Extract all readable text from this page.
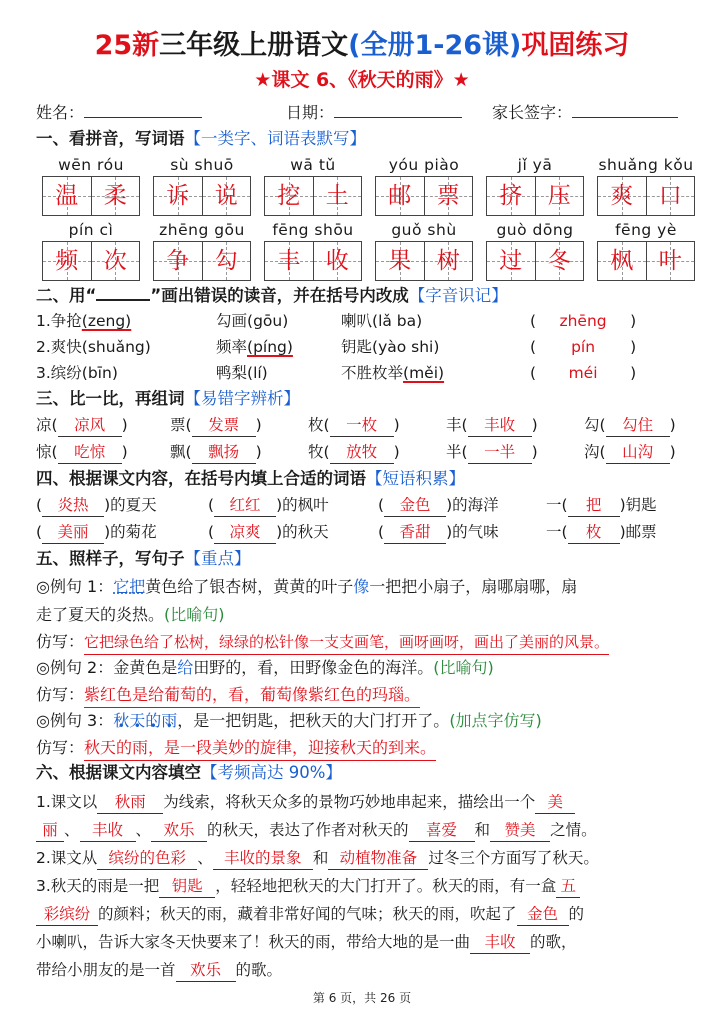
25新三年级上册语文(全册1-26课)巩固练习
★课文 6、《秋天的雨》★
姓名：	日期：	家长签字：
一、看拼音，写词语【一类字、词语表默写】
wēn róu	sù shuō	wā tǔ	yóu piào	jǐ yā	shuǎng kǒu
温	柔	诉	说	挖	土	邮	票	挤	压	爽	口
pín cì	zhēng gōu	fēng shōu	guǒ shù	guò dōng	fēng yè
频	次	争	勾	丰	收	果	树	过	冬	枫	叶
二、用“	”画出错误的读音，并在括号内改成【字音识记】
1.争抢(zeng)	勾画(gōu)	喇叭(lǎ ba)	( zhēng )
2.爽快(shuǎng)	频率(píng)	钥匙(yào shi)	( pín )
3.缤纷(bīn)	鸭梨(lí)	不胜枚举(měi)	( méi )
三、比一比，再组词【易错字辨析】
凉( 凉风 )	票( 发票 )	枚( 一枚 )	丰( 丰收 )	勾( 勾住 )
惊( 吃惊 )	飘( 飘扬 )	牧( 放牧 )	半( 一半 )	沟( 山沟 )
四、根据课文内容，在括号内填上合适的词语【短语积累】
( 炎热 )的夏天	( 红红 )的枫叶	( 金色 )的海洋	一( 把 )钥匙
( 美丽 )的菊花	( 凉爽 )的秋天	( 香甜 )的气味	一( 枚 )邮票
五、照样子，写句子【重点】
◎例句 1：它把黄色给了银杏树，黄黄的叶子像一把把小扇子，扇哪扇哪，扇
走了夏天的炎热。(比喻句)
仿写：它把绿色给了松树，绿绿的松针像一支支画笔，画呀画呀，画出了美丽的风景。
◎例句 2：金黄色是给田野的，看，田野像金色的海洋。(比喻句)
仿写：紫红色是给葡萄的，看，葡萄像紫红色的玛瑙。
◎例句 3：秋天的雨，是一把钥匙，把秋天的大门打开了。(加点字仿写)
仿写：秋天的雨，是一段美妙的旋律，迎接秋天的到来。
六、根据课文内容填空【考频高达 90%】
1.课文以 秋雨 为线索，将秋天众多的景物巧妙地串起来，描绘出一个 美
丽 、 丰收 、 欢乐 的秋天，表达了作者对秋天的 喜爱 和 赞美 之情。
2.课文从 缤纷的色彩 、 丰收的景象 和 动植物准备 过冬三个方面写了秋天。
3.秋天的雨是一把 钥匙 ，轻轻地把秋天的大门打开了。秋天的雨，有一盒 五
彩缤纷 的颜料；秋天的雨，藏着非常好闻的气味；秋天的雨，吹起了 金色 的
小喇叭，告诉大家冬天快要来了！秋天的雨，带给大地的是一曲 丰收 的歌，
带给小朋友的是一首 欢乐 的歌。
第 6 页，共 26 页
